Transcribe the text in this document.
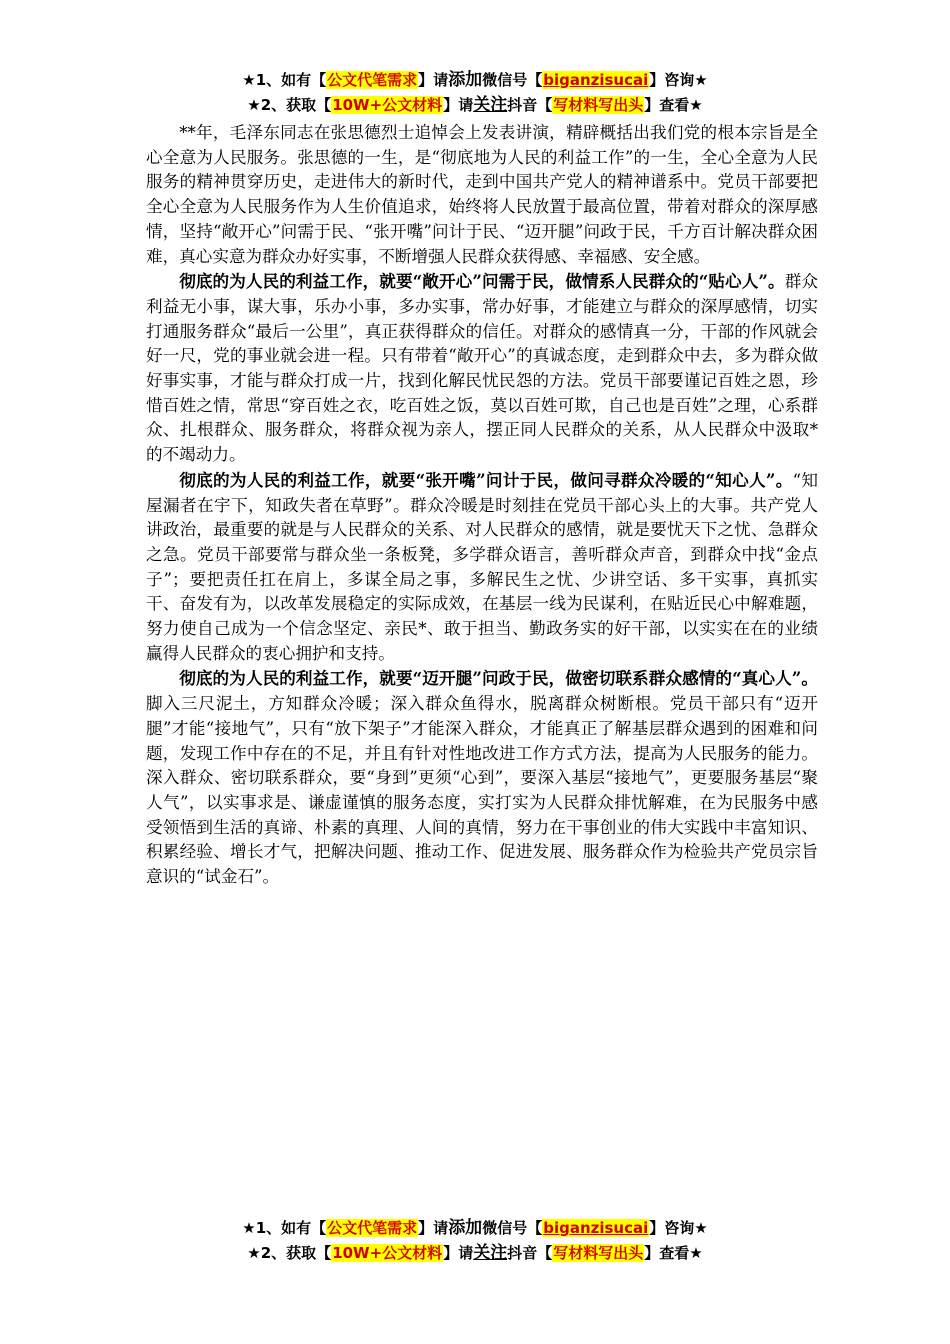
★1、如有【公文代笔需求】请添加微信号【biganzisucai】咨询★
★2、获取【10W+公文材料】请关注抖音【写材料写出头】查看★

**年，毛泽东同志在张思德烈士追悼会上发表讲演，精辟概括出我们党的根本宗旨是全心全意为人民服务。张思德的一生，是“彻底地为人民的利益工作”的一生，全心全意为人民服务的精神贯穿历史，走进伟大的新时代，走到中国共产党人的精神谱系中。党员干部要把全心全意为人民服务作为人生价值追求，始终将人民放置于最高位置，带着对群众的深厚感情，坚持“敞开心”问需于民、“张开嘴”问计于民、“迈开腿”问政于民，千方百计解决群众困难，真心实意为群众办好实事，不断增强人民群众获得感、幸福感、安全感。

彻底的为人民的利益工作，就要“敞开心”问需于民，做情系人民群众的“贴心人”。群众利益无小事，谋大事，乐办小事，多办实事，常办好事，才能建立与群众的深厚感情，切实打通服务群众“最后一公里”，真正获得群众的信任。对群众的感情真一分，干部的作风就会好一尺，党的事业就会进一程。只有带着“敞开心”的真诚态度，走到群众中去，多为群众做好事实事，才能与群众打成一片，找到化解民忧民怨的方法。党员干部要谨记百姓之恩，珍惜百姓之情，常思“穿百姓之衣，吃百姓之饭，莫以百姓可欺，自己也是百姓”之理，心系群众、扎根群众、服务群众，将群众视为亲人，摆正同人民群众的关系，从人民群众中汲取*的不竭动力。

彻底的为人民的利益工作，就要“张开嘴”问计于民，做问寻群众冷暖的“知心人”。“知屋漏者在宇下，知政失者在草野”。群众冷暖是时刻挂在党员干部心头上的大事。共产党人讲政治，最重要的就是与人民群众的关系、对人民群众的感情，就是要忧天下之忧、急群众之急。党员干部要常与群众坐一条板凳，多学群众语言，善听群众声音，到群众中找“金点子”；要把责任扛在肩上，多谋全局之事，多解民生之忧、少讲空话、多干实事，真抓实干、奋发有为，以改革发展稳定的实际成效，在基层一线为民谋利，在贴近民心中解难题，努力使自己成为一个信念坚定、亲民*、敢于担当、勤政务实的好干部，以实实在在的业绩赢得人民群众的衷心拥护和支持。

彻底的为人民的利益工作，就要“迈开腿”问政于民，做密切联系群众感情的“真心人”。脚入三尺泥土，方知群众冷暖；深入群众鱼得水，脱离群众树断根。党员干部只有“迈开腿”才能“接地气”，只有“放下架子”才能深入群众，才能真正了解基层群众遇到的困难和问题，发现工作中存在的不足，并且有针对性地改进工作方式方法，提高为人民服务的能力。深入群众、密切联系群众，要“身到”更须“心到”，要深入基层“接地气”，更要服务基层“聚人气”，以实事求是、谦虚谨慎的服务态度，实打实为人民群众排忧解难，在为民服务中感受领悟到生活的真谛、朴素的真理、人间的真情，努力在干事创业的伟大实践中丰富知识、积累经验、增长才气，把解决问题、推动工作、促进发展、服务群众作为检验共产党员宗旨意识的“试金石”。

★1、如有【公文代笔需求】请添加微信号【biganzisucai】咨询★
★2、获取【10W+公文材料】请关注抖音【写材料写出头】查看★
